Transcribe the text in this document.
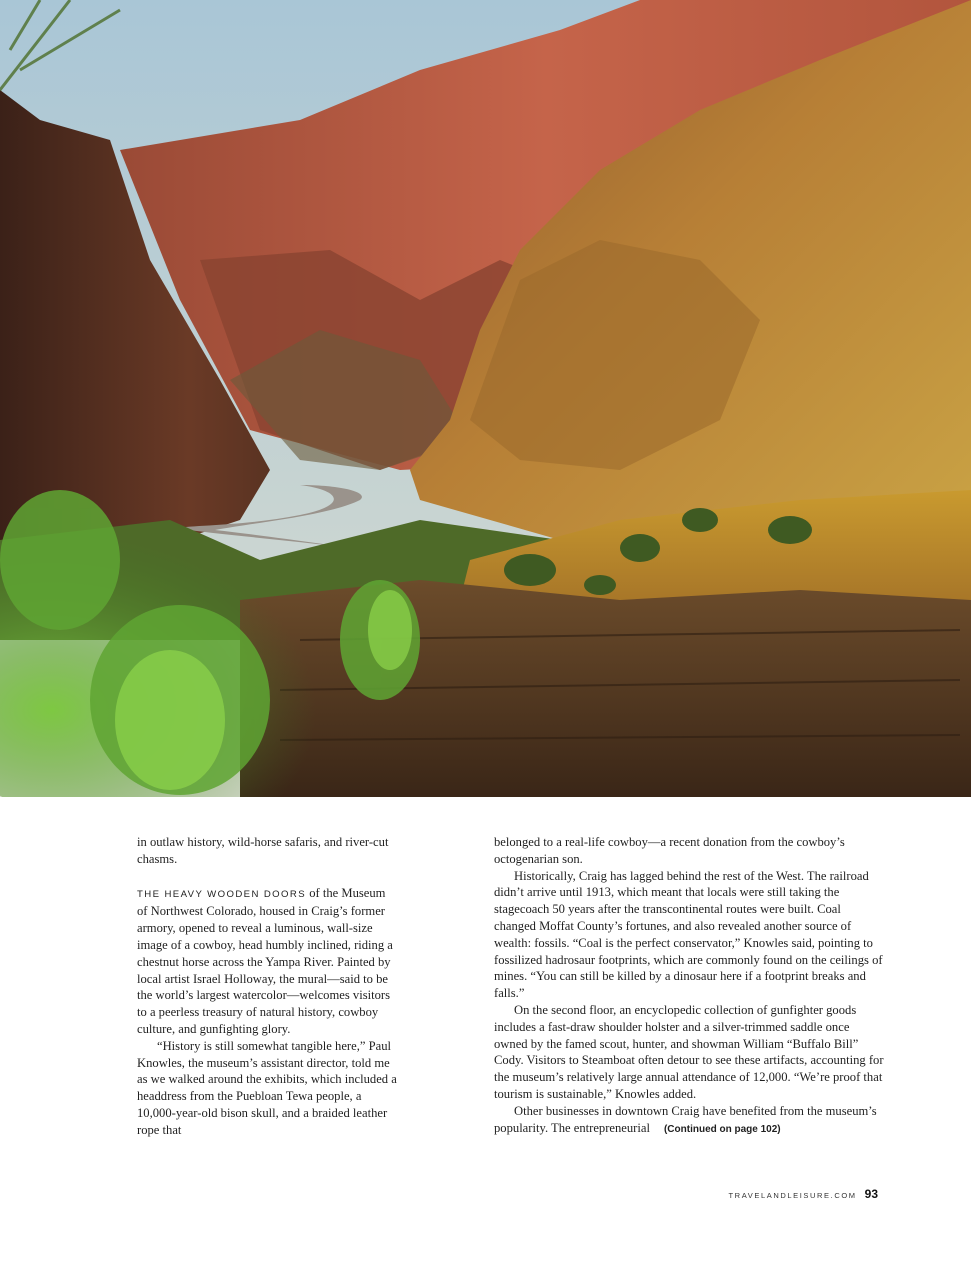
in outlaw history, wild-horse safaris, and river-cut chasms.

THE HEAVY WOODEN DOORS of the Museum of Northwest Colorado, housed in Craig’s former armory, opened to reveal a luminous, wall-size image of a cowboy, head humbly inclined, riding a chestnut horse across the Yampa River. Painted by local artist Israel Holloway, the mural—said to be the world’s largest watercolor—welcomes visitors to a peerless treasury of natural history, cowboy culture, and gunfighting glory.

“History is still somewhat tangible here,” Paul Knowles, the museum’s assistant director, told me as we walked around the exhibits, which included a headdress from the Puebloan Tewa people, a 10,000-year-old bison skull, and a braided leather rope that

belonged to a real-life cowboy—a recent donation from the cowboy’s octogenarian son.

Historically, Craig has lagged behind the rest of the West. The railroad didn’t arrive until 1913, which meant that locals were still taking the stagecoach 50 years after the transcontinental routes were built. Coal changed Moffat County’s fortunes, and also revealed another source of wealth: fossils. “Coal is the perfect conservator,” Knowles said, pointing to fossilized hadrosaur footprints, which are commonly found on the ceilings of mines. “You can still be killed by a dinosaur here if a footprint breaks and falls.”

On the second floor, an encyclopedic collection of gunfighter goods includes a fast-draw shoulder holster and a silver-trimmed saddle once owned by the famed scout, hunter, and showman William “Buffalo Bill” Cody. Visitors to Steamboat often detour to see these artifacts, accounting for the museum’s relatively large annual attendance of 12,000. “We’re proof that tourism is sustainable,” Knowles added.

Other businesses in downtown Craig have benefited from the museum’s popularity. The entrepreneurial (Continued on page 102)

TRAVELANDLEISURE.COM 93
